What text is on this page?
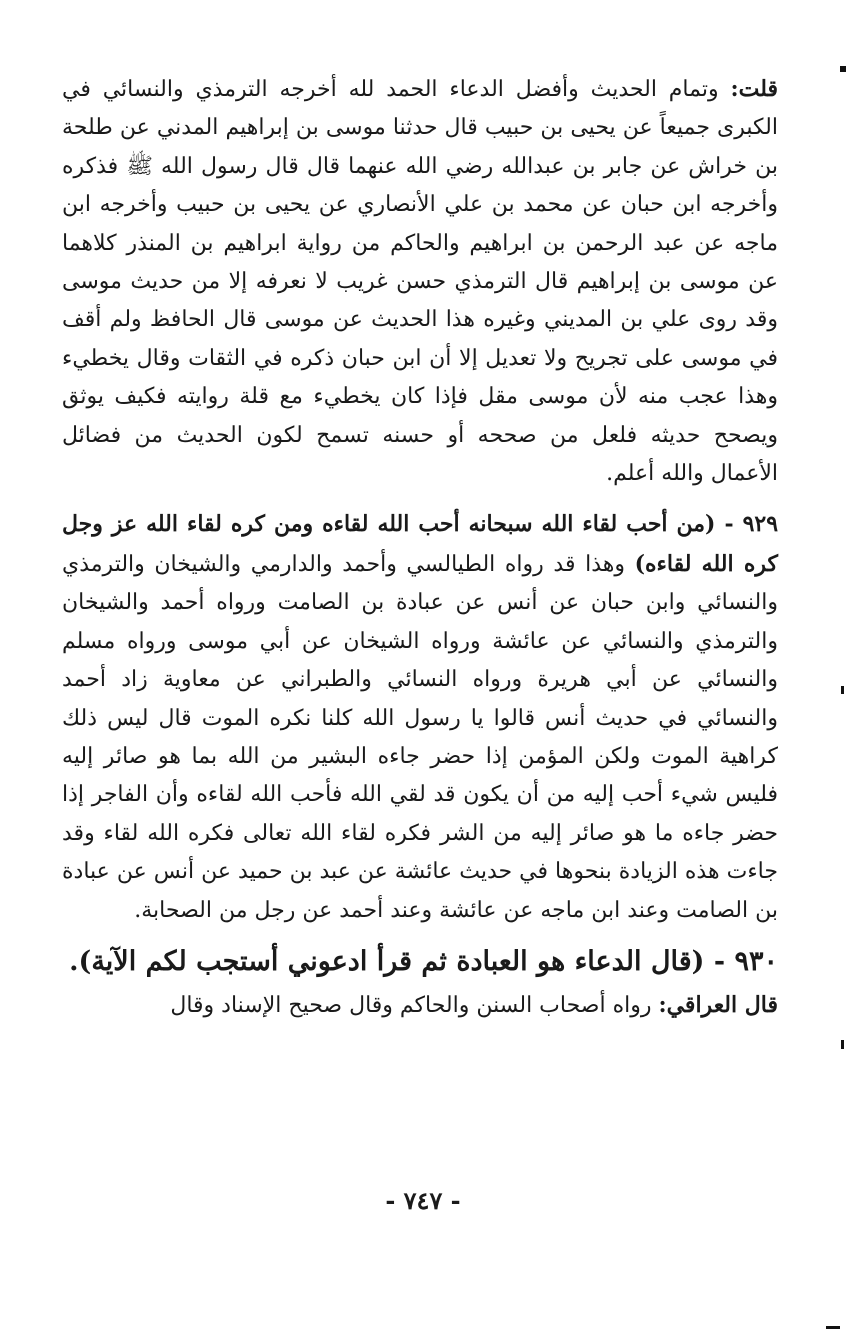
قلت: وتمام الحديث وأفضل الدعاء الحمد لله أخرجه الترمذي والنسائي في الكبرى جميعاً عن يحيى بن حبيب قال حدثنا موسى بن إبراهيم المدني عن طلحة بن خراش عن جابر بن عبدالله رضي الله عنهما قال قال رسول الله ﷺ فذكره وأخرجه ابن حبان عن محمد بن علي الأنصاري عن يحيى بن حبيب وأخرجه ابن ماجه عن عبد الرحمن بن ابراهيم والحاكم من رواية ابراهيم بن المنذر كلاهما عن موسى بن إبراهيم قال الترمذي حسن غريب لا نعرفه إلا من حديث موسى وقد روى علي بن المديني وغيره هذا الحديث عن موسى قال الحافظ ولم أقف في موسى على تجريح ولا تعديل إلا أن ابن حبان ذكره في الثقات وقال يخطيء وهذا عجب منه لأن موسى مقل فإذا كان يخطيء مع قلة روايته فكيف يوثق ويصحح حديثه فلعل من صححه أو حسنه تسمح لكون الحديث من فضائل الأعمال والله أعلم.

٩٢٩ - (من أحب لقاء الله سبحانه أحب الله لقاءه ومن كره لقاء الله عز وجل كره الله لقاءه) وهذا قد رواه الطيالسي وأحمد والدارمي والشيخان والترمذي والنسائي وابن حبان عن أنس عن عبادة بن الصامت ورواه أحمد والشيخان والترمذي والنسائي عن عائشة ورواه الشيخان عن أبي موسى ورواه مسلم والنسائي عن أبي هريرة ورواه النسائي والطبراني عن معاوية زاد أحمد والنسائي في حديث أنس قالوا يا رسول الله كلنا نكره الموت قال ليس ذلك كراهية الموت ولكن المؤمن إذا حضر جاءه البشير من الله بما هو صائر إليه فليس شيء أحب إليه من أن يكون قد لقي الله فأحب الله لقاءه وأن الفاجر إذا حضر جاءه ما هو صائر إليه من الشر فكره لقاء الله تعالى فكره الله لقاء وقد جاءت هذه الزيادة بنحوها في حديث عائشة عن عبد بن حميد عن أنس عن عبادة بن الصامت وعند ابن ماجه عن عائشة وعند أحمد عن رجل من الصحابة.

٩٣٠ - (قال الدعاء هو العبادة ثم قرأ ادعوني أستجب لكم الآية).

قال العراقي: رواه أصحاب السنن والحاكم وقال صحيح الإسناد وقال

- ٧٤٧ -
